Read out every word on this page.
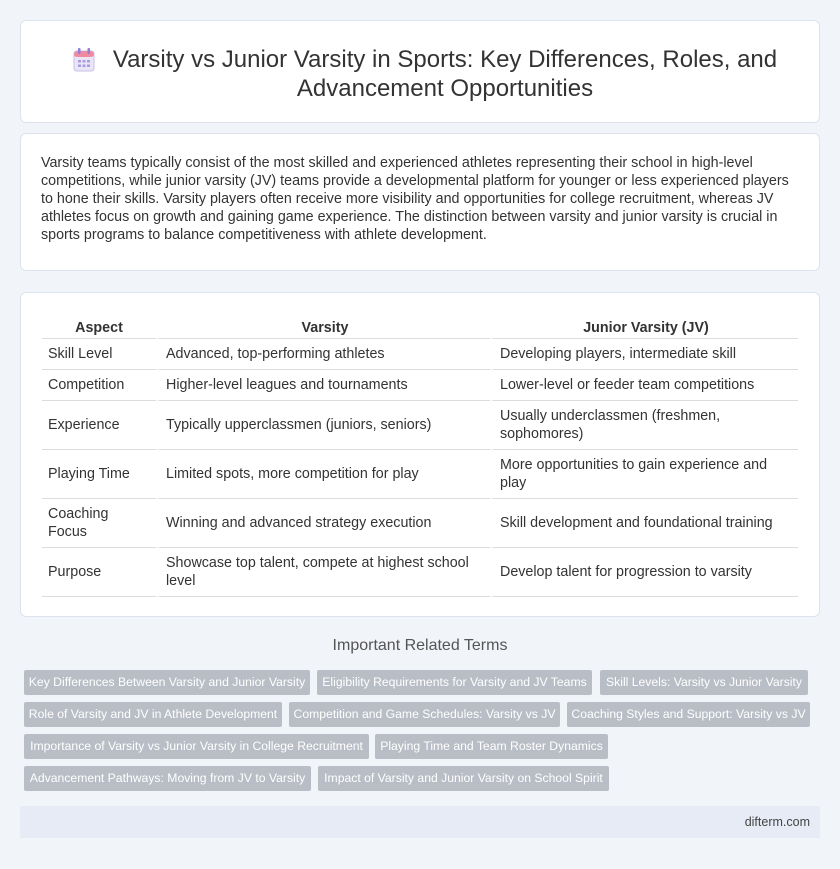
Varsity vs Junior Varsity in Sports: Key Differences, Roles, and Advancement Opportunities

Varsity teams typically consist of the most skilled and experienced athletes representing their school in high-level competitions, while junior varsity (JV) teams provide a developmental platform for younger or less experienced players to hone their skills. Varsity players often receive more visibility and opportunities for college recruitment, whereas JV athletes focus on growth and gaining game experience. The distinction between varsity and junior varsity is crucial in sports programs to balance competitiveness with athlete development.

Aspect	Varsity	Junior Varsity (JV)
Skill Level	Advanced, top-performing athletes	Developing players, intermediate skill
Competition	Higher-level leagues and tournaments	Lower-level or feeder team competitions
Experience	Typically upperclassmen (juniors, seniors)	Usually underclassmen (freshmen, sophomores)
Playing Time	Limited spots, more competition for play	More opportunities to gain experience and play
Coaching Focus	Winning and advanced strategy execution	Skill development and foundational training
Purpose	Showcase top talent, compete at highest school level	Develop talent for progression to varsity
Important Related Terms
Key Differences Between Varsity and Junior Varsity	Eligibility Requirements for Varsity and JV Teams	Skill Levels: Varsity vs Junior Varsity
Role of Varsity and JV in Athlete Development	Competition and Game Schedules: Varsity vs JV	Coaching Styles and Support: Varsity vs JV
Importance of Varsity vs Junior Varsity in College Recruitment	Playing Time and Team Roster Dynamics
Advancement Pathways: Moving from JV to Varsity	Impact of Varsity and Junior Varsity on School Spirit
difterm.com
